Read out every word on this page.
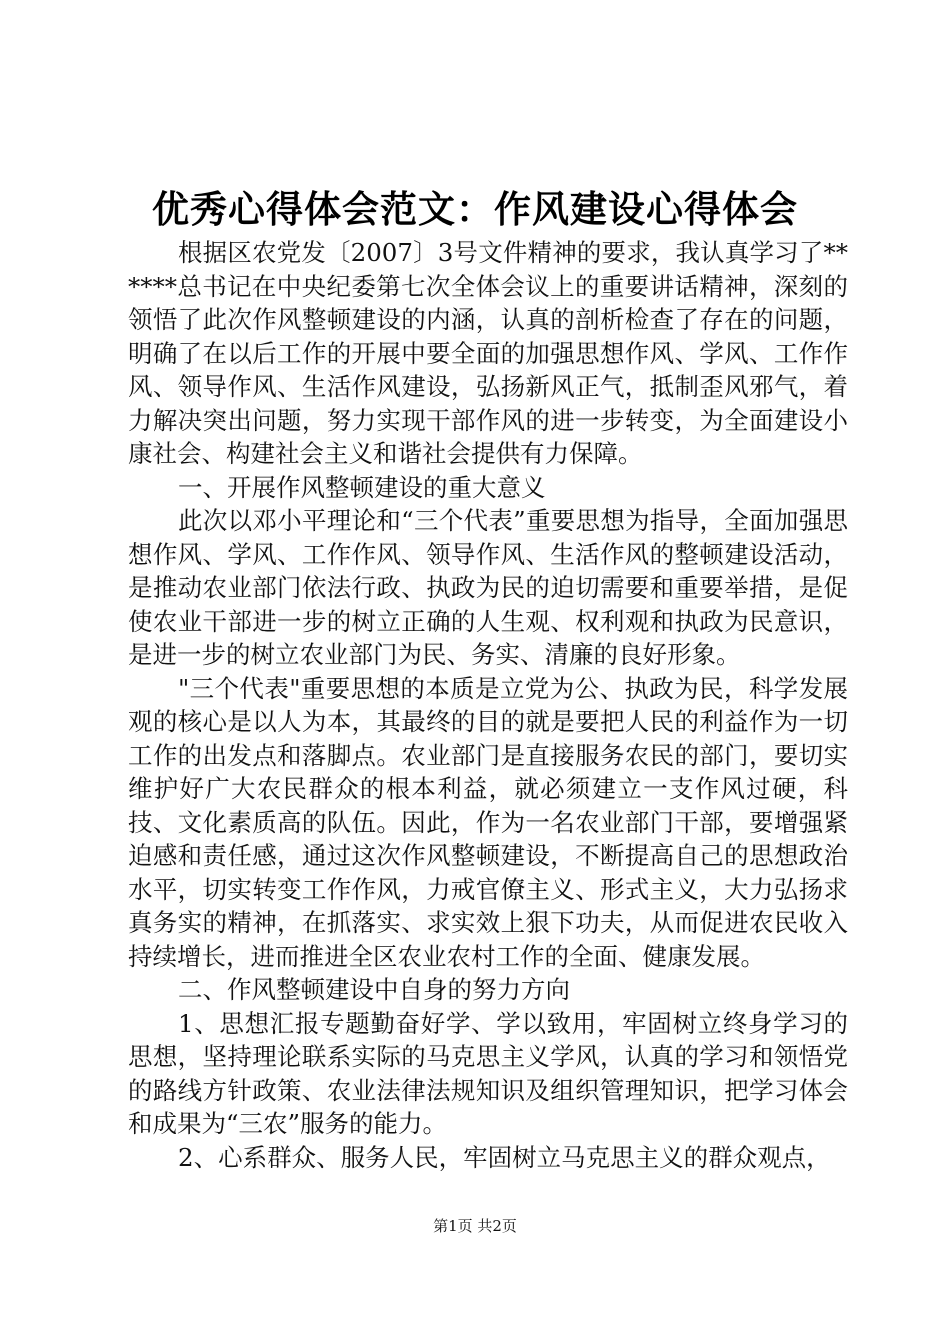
优秀心得体会范文：作风建设心得体会

根据区农党发〔2007〕3号文件精神的要求，我认真学习了******总书记在中央纪委第七次全体会议上的重要讲话精神，深刻的领悟了此次作风整顿建设的内涵，认真的剖析检查了存在的问题，明确了在以后工作的开展中要全面的加强思想作风、学风、工作作风、领导作风、生活作风建设，弘扬新风正气，抵制歪风邪气，着力解决突出问题，努力实现干部作风的进一步转变，为全面建设小康社会、构建社会主义和谐社会提供有力保障。

一、开展作风整顿建设的重大意义

此次以邓小平理论和“三个代表”重要思想为指导，全面加强思想作风、学风、工作作风、领导作风、生活作风的整顿建设活动，是推动农业部门依法行政、执政为民的迫切需要和重要举措，是促使农业干部进一步的树立正确的人生观、权利观和执政为民意识，是进一步的树立农业部门为民、务实、清廉的良好形象。

"三个代表"重要思想的本质是立党为公、执政为民，科学发展观的核心是以人为本，其最终的目的就是要把人民的利益作为一切工作的出发点和落脚点。农业部门是直接服务农民的部门，要切实维护好广大农民群众的根本利益，就必须建立一支作风过硬，科技、文化素质高的队伍。因此，作为一名农业部门干部，要增强紧迫感和责任感，通过这次作风整顿建设，不断提高自己的思想政治水平，切实转变工作作风，力戒官僚主义、形式主义，大力弘扬求真务实的精神，在抓落实、求实效上狠下功夫，从而促进农民收入持续增长，进而推进全区农业农村工作的全面、健康发展。

二、作风整顿建设中自身的努力方向

1、思想汇报专题勤奋好学、学以致用，牢固树立终身学习的思想，坚持理论联系实际的马克思主义学风，认真的学习和领悟党的路线方针政策、农业法律法规知识及组织管理知识，把学习体会和成果为“三农”服务的能力。

2、心系群众、服务人民，牢固树立马克思主义的群众观点，

第1页 共2页
